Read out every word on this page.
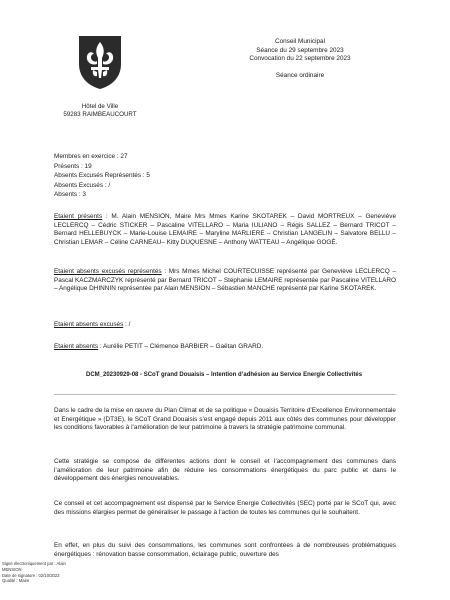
Hôtel de Ville
59283 RAIMBEAUCOURT
Conseil Municipal
Séance du 29 septembre 2023
Convocation du 22 septembre 2023
Séance ordinaire
Membres en exercice : 27
Présents : 19
Absents Excusés Représentés : 5
Absents Excusés : /
Absents : 3
Etaient présents : M. Alain MENSION, Maire Mrs Mmes Karine SKOTAREK – David MORTREUX – Geneviève LECLERCQ – Cédric STICKER – Pascaline VITELLARO – Maria IULIANO – Régis SALLEZ – Bernard TRICOT – Bernard HELLEBUYCK – Marie-Louise LEMAIRE – Maryline MARLIERE – Christian LANGELIN – Salvatore BELLU – Christian LEMAR – Céline CARNEAU– Kitty DUQUESNE – Anthony WATTEAU – Angélique GOGÉ.
Etaient absents excusés représentés : Mrs Mmes Michel COURTECUISSE représenté par Geneviève LECLERCQ – Pascal KACZMARCZYK représenté par Bernard TRICOT – Stéphanie LEMAIRE représentée par Pascaline VITELLARO – Angélique DHINNIN représentée par Alain MENSION – Sébastien MANCHE représenté par Karine SKOTAREK.
Etaient absents excusés : /
Etaient absents : Aurélie PETIT – Clémence BARBIER – Gaëtan GRARD.
DCM_20230929-08 - SCoT grand Douaisis – Intention d’adhésion au Service Energie Collectivités
Dans le cadre de la mise en œuvre du Plan Climat et de sa politique « Douaisis Territoire d’Excellence Environnementale et Energétique » (DT3E), le SCoT Grand Douaisis s’est engagé depuis 2011 aux côtés des communes pour développer les conditions favorables à l’amélioration de leur patrimoine à travers la stratégie patrimoine communal.
Cette stratégie se compose de différentes actions dont le conseil et l’accompagnement des communes dans l’amélioration de leur patrimoine afin de réduire les consommations énergétiques du parc public et dans le développement des énergies renouvelables.
Ce conseil et cet accompagnement est dispensé par le Service Energie Collectivités (SEC) porté par le SCoT qui, avec des missions élargies permet de généraliser le passage à l’action de toutes les communes qui le souhaitent.
En effet, en plus du suivi des consommations, les communes sont confrontées à de nombreuses problématiques énergétiques : rénovation basse consommation, éclairage public, ouverture des
Signé électroniquement par : Alain
MENSION
Date de signature : 02/10/2023
Qualité : Maire
